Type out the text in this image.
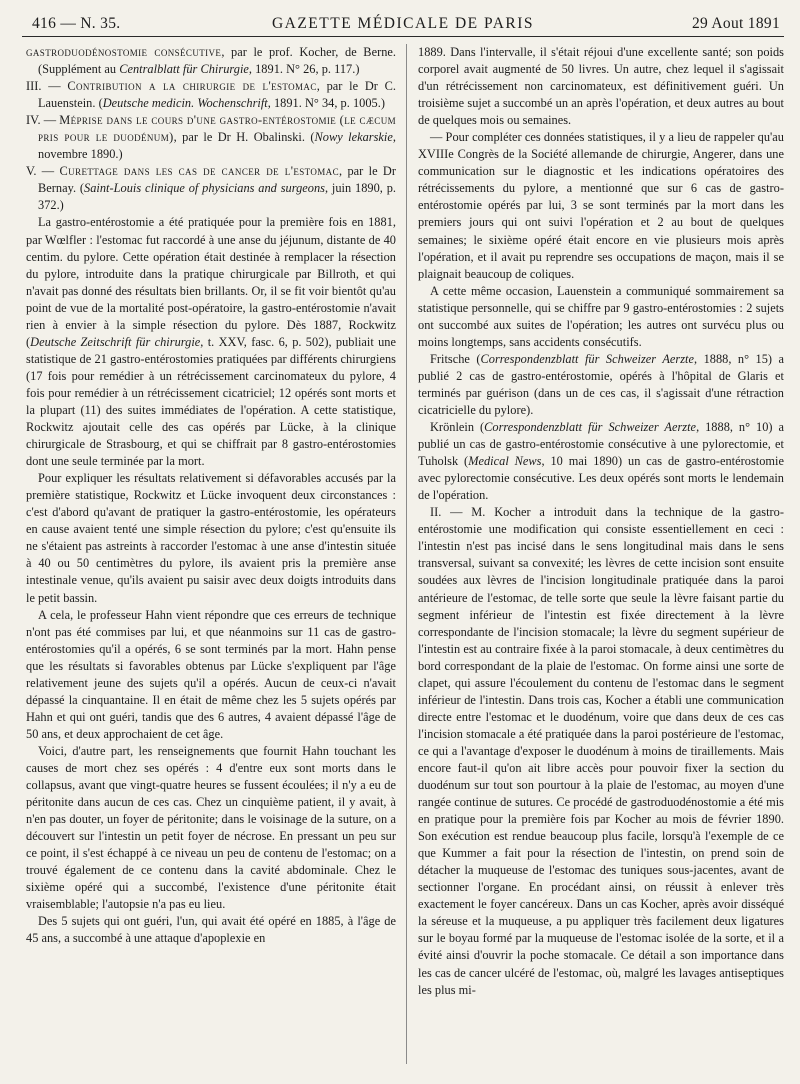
416 — N. 35.	GAZETTE MÉDICALE DE PARIS	29 Aout 1891

gastroduodénostomie consécutive, par le prof. Kocher, de Berne. (Supplément au Centralblatt für Chirurgie, 1891. N° 26, p. 117.)

III. — Contribution a la chirurgie de l'estomac, par le Dr C. Lauenstein. (Deutsche medicin. Wochenschrift, 1891. N° 34, p. 1005.)

IV. — Méprise dans le cours d'une gastro-entérostomie (le cæcum pris pour le duodénum), par le Dr H. Obalinski. (Nowy lekarskie, novembre 1890.)

V. — Curettage dans les cas de cancer de l'estomac, par le Dr Bernay. (Saint-Louis clinique of physicians and surgeons, juin 1890, p. 372.)

La gastro-entérostomie a été pratiquée pour la première fois en 1881, par Wœlfler : l'estomac fut raccordé à une anse du jéjunum, distante de 40 centim. du pylore. Cette opération était destinée à remplacer la résection du pylore, introduite dans la pratique chirurgicale par Billroth, et qui n'avait pas donné des résultats bien brillants. Or, il se fit voir bientôt qu'au point de vue de la mortalité post-opératoire, la gastro-entérostomie n'avait rien à envier à la simple résection du pylore. Dès 1887, Rockwitz (Deutsche Zeitschrift für chirurgie, t. XXV, fasc. 6, p. 502), publiait une statistique de 21 gastro-entérostomies pratiquées par différents chirurgiens (17 fois pour remédier à un rétrécissement carcinomateux du pylore, 4 fois pour remédier à un rétrécissement cicatriciel; 12 opérés sont morts et la plupart (11) des suites immédiates de l'opération. A cette statistique, Rockwitz ajoutait celle des cas opérés par Lücke, à la clinique chirurgicale de Strasbourg, et qui se chiffrait par 8 gastro-entérostomies dont une seule terminée par la mort.

Pour expliquer les résultats relativement si défavorables accusés par la première statistique, Rockwitz et Lücke invoquent deux circonstances : c'est d'abord qu'avant de pratiquer la gastro-entérostomie, les opérateurs en cause avaient tenté une simple résection du pylore; c'est qu'ensuite ils ne s'étaient pas astreints à raccorder l'estomac à une anse d'intestin située à 40 ou 50 centimètres du pylore, ils avaient pris la première anse intestinale venue, qu'ils avaient pu saisir avec deux doigts introduits dans le petit bassin.

A cela, le professeur Hahn vient répondre que ces erreurs de technique n'ont pas été commises par lui, et que néanmoins sur 11 cas de gastro-entérostomies qu'il a opérés, 6 se sont terminés par la mort. Hahn pense que les résultats si favorables obtenus par Lücke s'expliquent par l'âge relativement jeune des sujets qu'il a opérés. Aucun de ceux-ci n'avait dépassé la cinquantaine. Il en était de même chez les 5 sujets opérés par Hahn et qui ont guéri, tandis que des 6 autres, 4 avaient dépassé l'âge de 50 ans, et deux approchaient de cet âge.

Voici, d'autre part, les renseignements que fournit Hahn touchant les causes de mort chez ses opérés : 4 d'entre eux sont morts dans le collapsus, avant que vingt-quatre heures se fussent écoulées; il n'y a eu de péritonite dans aucun de ces cas. Chez un cinquième patient, il y avait, à n'en pas douter, un foyer de péritonite; dans le voisinage de la suture, on a découvert sur l'intestin un petit foyer de nécrose. En pressant un peu sur ce point, il s'est échappé à ce niveau un peu de contenu de l'estomac; on a trouvé également de ce contenu dans la cavité abdominale. Chez le sixième opéré qui a succombé, l'existence d'une péritonite était vraisemblable; l'autopsie n'a pas eu lieu.

Des 5 sujets qui ont guéri, l'un, qui avait été opéré en 1885, à l'âge de 45 ans, a succombé à une attaque d'apoplexie en

1889. Dans l'intervalle, il s'était réjoui d'une excellente santé; son poids corporel avait augmenté de 50 livres. Un autre, chez lequel il s'agissait d'un rétrécissement non carcinomateux, est définitivement guéri. Un troisième sujet a succombé un an après l'opération, et deux autres au bout de quelques mois ou semaines.

— Pour compléter ces données statistiques, il y a lieu de rappeler qu'au XVIIIe Congrès de la Société allemande de chirurgie, Angerer, dans une communication sur le diagnostic et les indications opératoires des rétrécissements du pylore, a mentionné que sur 6 cas de gastro-entérostomie opérés par lui, 3 se sont terminés par la mort dans les premiers jours qui ont suivi l'opération et 2 au bout de quelques semaines; le sixième opéré était encore en vie plusieurs mois après l'opération, et il avait pu reprendre ses occupations de maçon, mais il se plaignait beaucoup de coliques.

A cette même occasion, Lauenstein a communiqué sommairement sa statistique personnelle, qui se chiffre par 9 gastro-entérostomies : 2 sujets ont succombé aux suites de l'opération; les autres ont survécu plus ou moins longtemps, sans accidents consécutifs.

Fritsche (Correspondenzblatt für Schweizer Aerzte, 1888, n° 15) a publié 2 cas de gastro-entérostomie, opérés à l'hôpital de Glaris et terminés par guérison (dans un de ces cas, il s'agissait d'une rétraction cicatricielle du pylore).

Krönlein (Correspondenzblatt für Schweizer Aerzte, 1888, n° 10) a publié un cas de gastro-entérostomie consécutive à une pylorectomie, et Tuholsk (Medical News, 10 mai 1890) un cas de gastro-entérostomie avec pylorectomie consécutive. Les deux opérés sont morts le lendemain de l'opération.

II. — M. Kocher a introduit dans la technique de la gastro-entérostomie une modification qui consiste essentiellement en ceci : l'intestin n'est pas incisé dans le sens longitudinal mais dans le sens transversal, suivant sa convexité; les lèvres de cette incision sont ensuite soudées aux lèvres de l'incision longitudinale pratiquée dans la paroi antérieure de l'estomac, de telle sorte que seule la lèvre faisant partie du segment inférieur de l'intestin est fixée directement à la lèvre correspondante de l'incision stomacale; la lèvre du segment supérieur de l'intestin est au contraire fixée à la paroi stomacale, à deux centimètres du bord correspondant de la plaie de l'estomac. On forme ainsi une sorte de clapet, qui assure l'écoulement du contenu de l'estomac dans le segment inférieur de l'intestin. Dans trois cas, Kocher a établi une communication directe entre l'estomac et le duodénum, voire que dans deux de ces cas l'incision stomacale a été pratiquée dans la paroi postérieure de l'estomac, ce qui a l'avantage d'exposer le duodénum à moins de tiraillements. Mais encore faut-il qu'on ait libre accès pour pouvoir fixer la section du duodénum sur tout son pourtour à la plaie de l'estomac, au moyen d'une rangée continue de sutures. Ce procédé de gastroduodénostomie a été mis en pratique pour la première fois par Kocher au mois de février 1890. Son exécution est rendue beaucoup plus facile, lorsqu'à l'exemple de ce que Kummer a fait pour la résection de l'intestin, on prend soin de détacher la muqueuse de l'estomac des tuniques sous-jacentes, avant de sectionner l'organe. En procédant ainsi, on réussit à enlever très exactement le foyer cancéreux. Dans un cas Kocher, après avoir disséqué la séreuse et la muqueuse, a pu appliquer très facilement deux ligatures sur le boyau formé par la muqueuse de l'estomac isolée de la sorte, et il a évité ainsi d'ouvrir la poche stomacale. Ce détail a son importance dans les cas de cancer ulcéré de l'estomac, où, malgré les lavages antiseptiques les plus mi-
